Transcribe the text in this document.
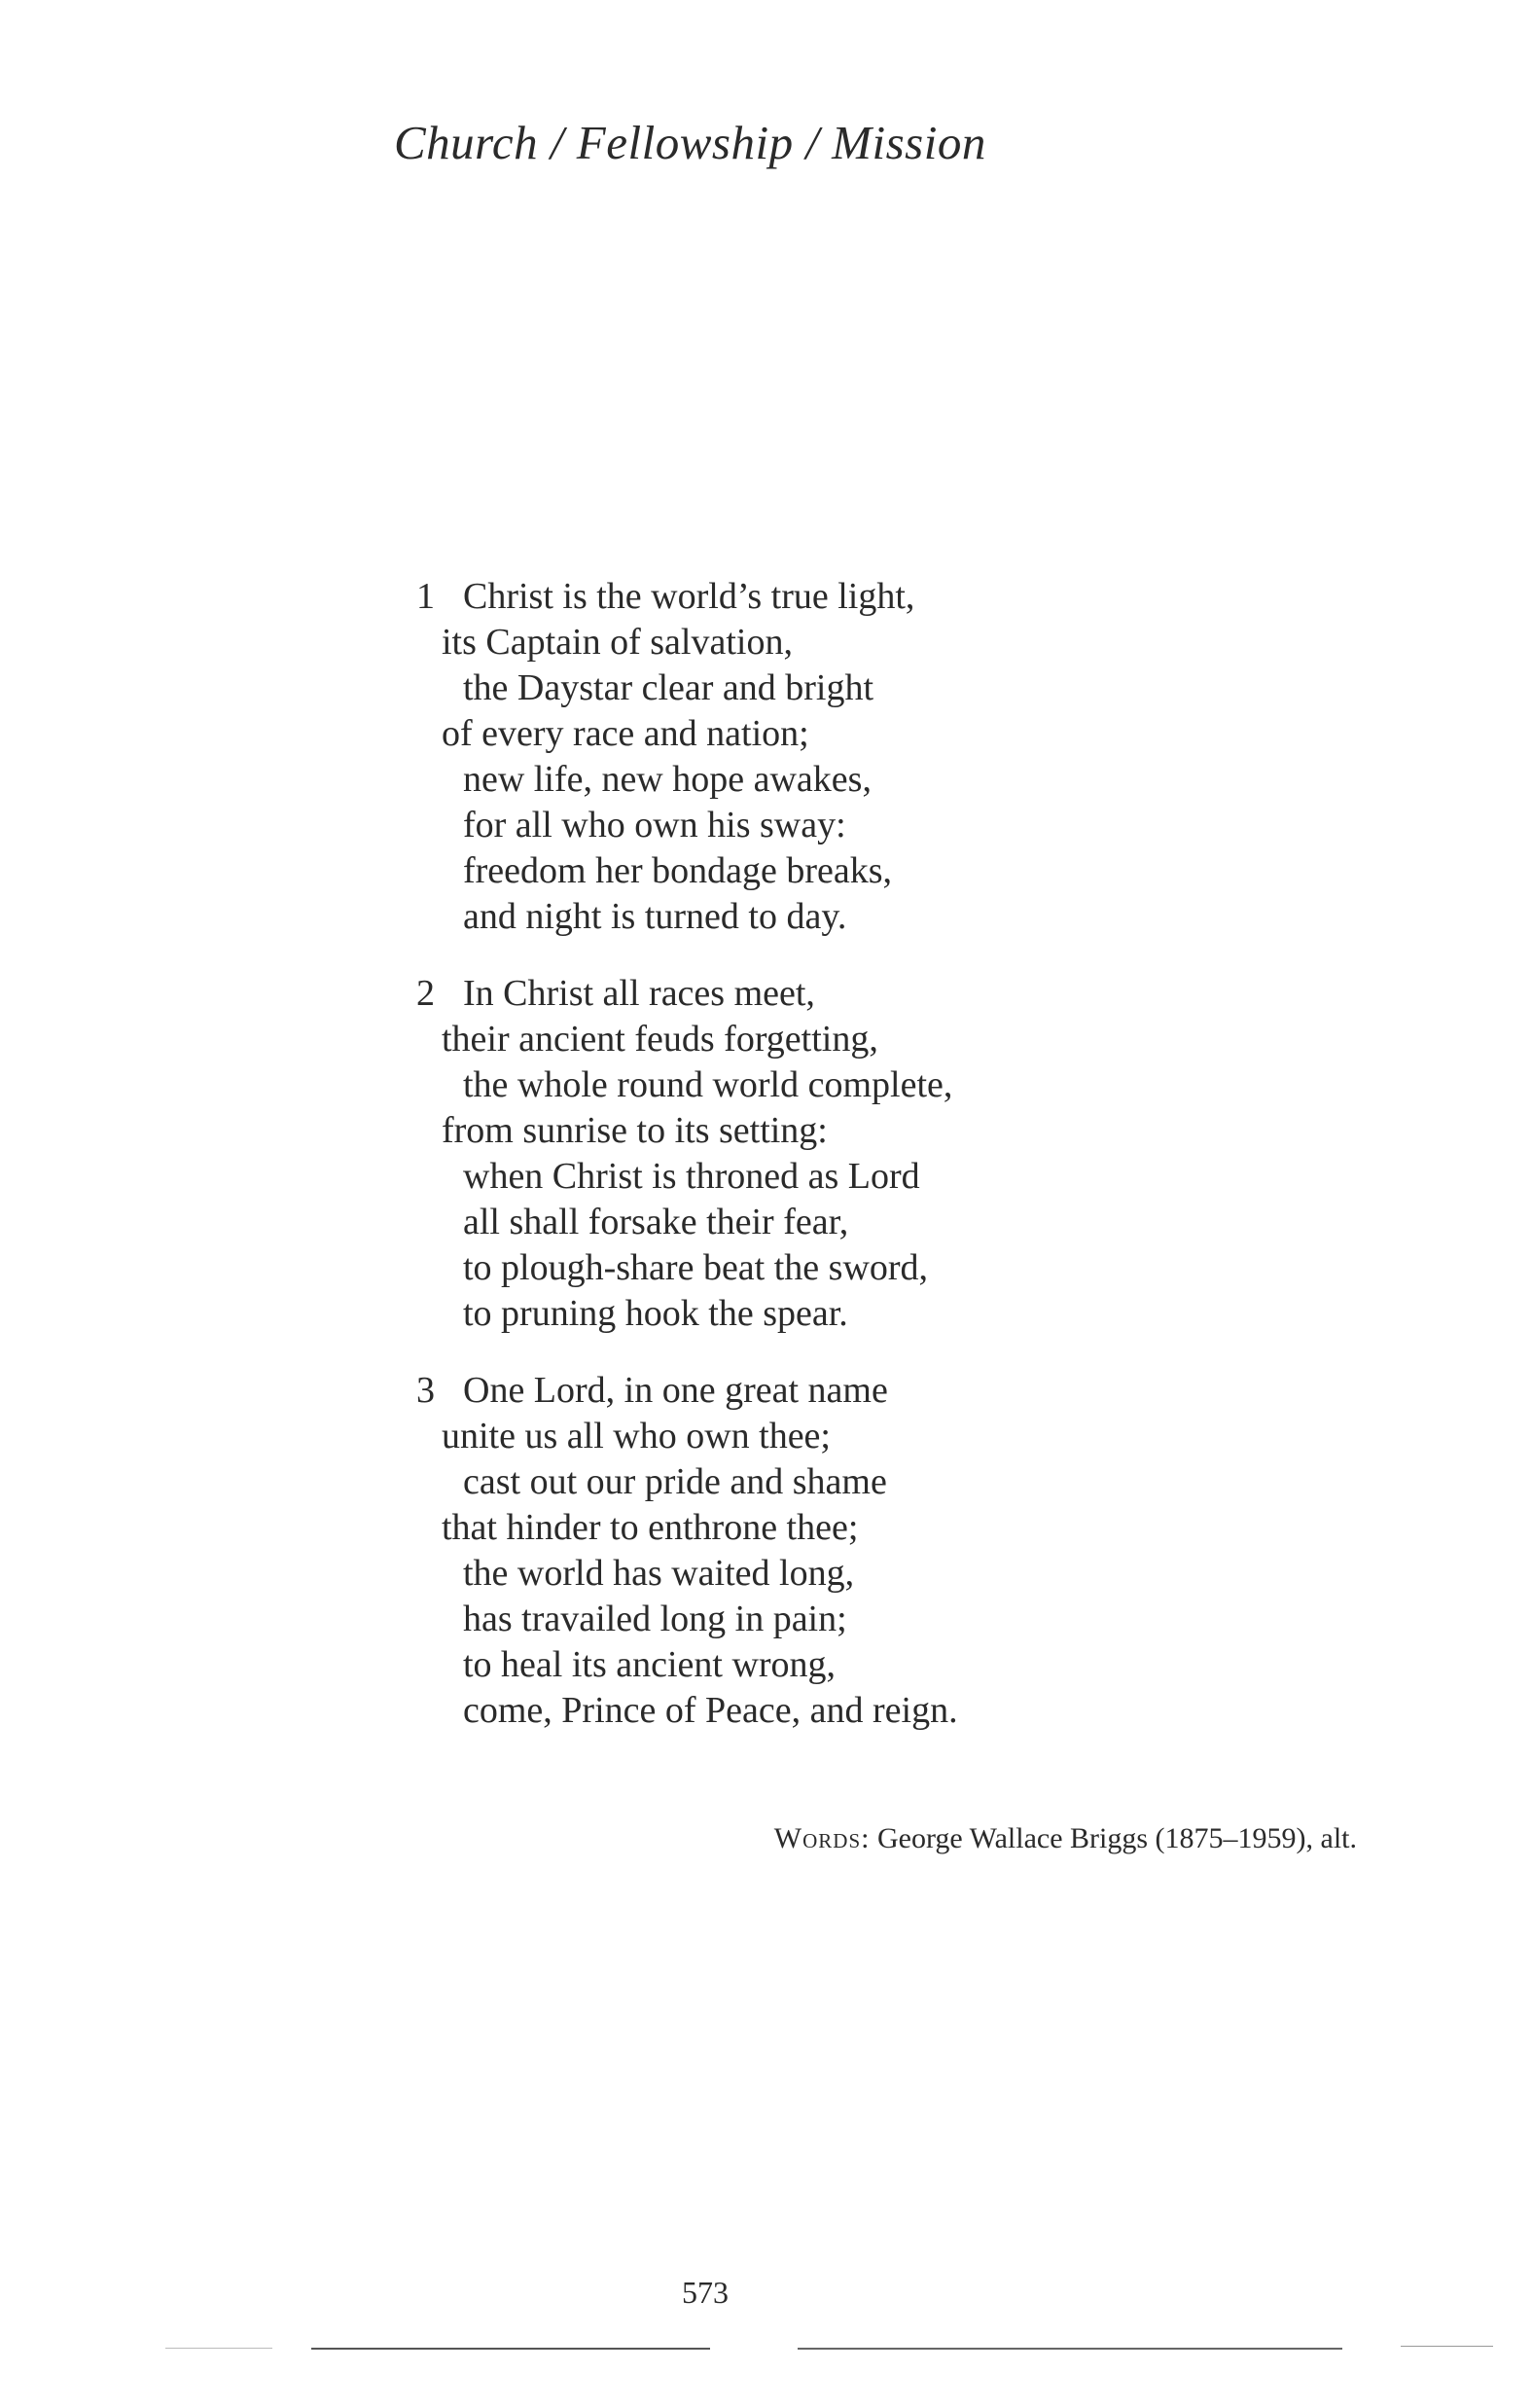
Church / Fellowship / Mission
1 Christ is the world’s true light,
its Captain of salvation,
the Daystar clear and bright
of every race and nation;
new life, new hope awakes,
for all who own his sway:
freedom her bondage breaks,
and night is turned to day.
2 In Christ all races meet,
their ancient feuds forgetting,
the whole round world complete,
from sunrise to its setting:
when Christ is throned as Lord
all shall forsake their fear,
to plough-share beat the sword,
to pruning hook the spear.
3 One Lord, in one great name
unite us all who own thee;
cast out our pride and shame
that hinder to enthrone thee;
the world has waited long,
has travailed long in pain;
to heal its ancient wrong,
come, Prince of Peace, and reign.
Words: George Wallace Briggs (1875–1959), alt.
573
